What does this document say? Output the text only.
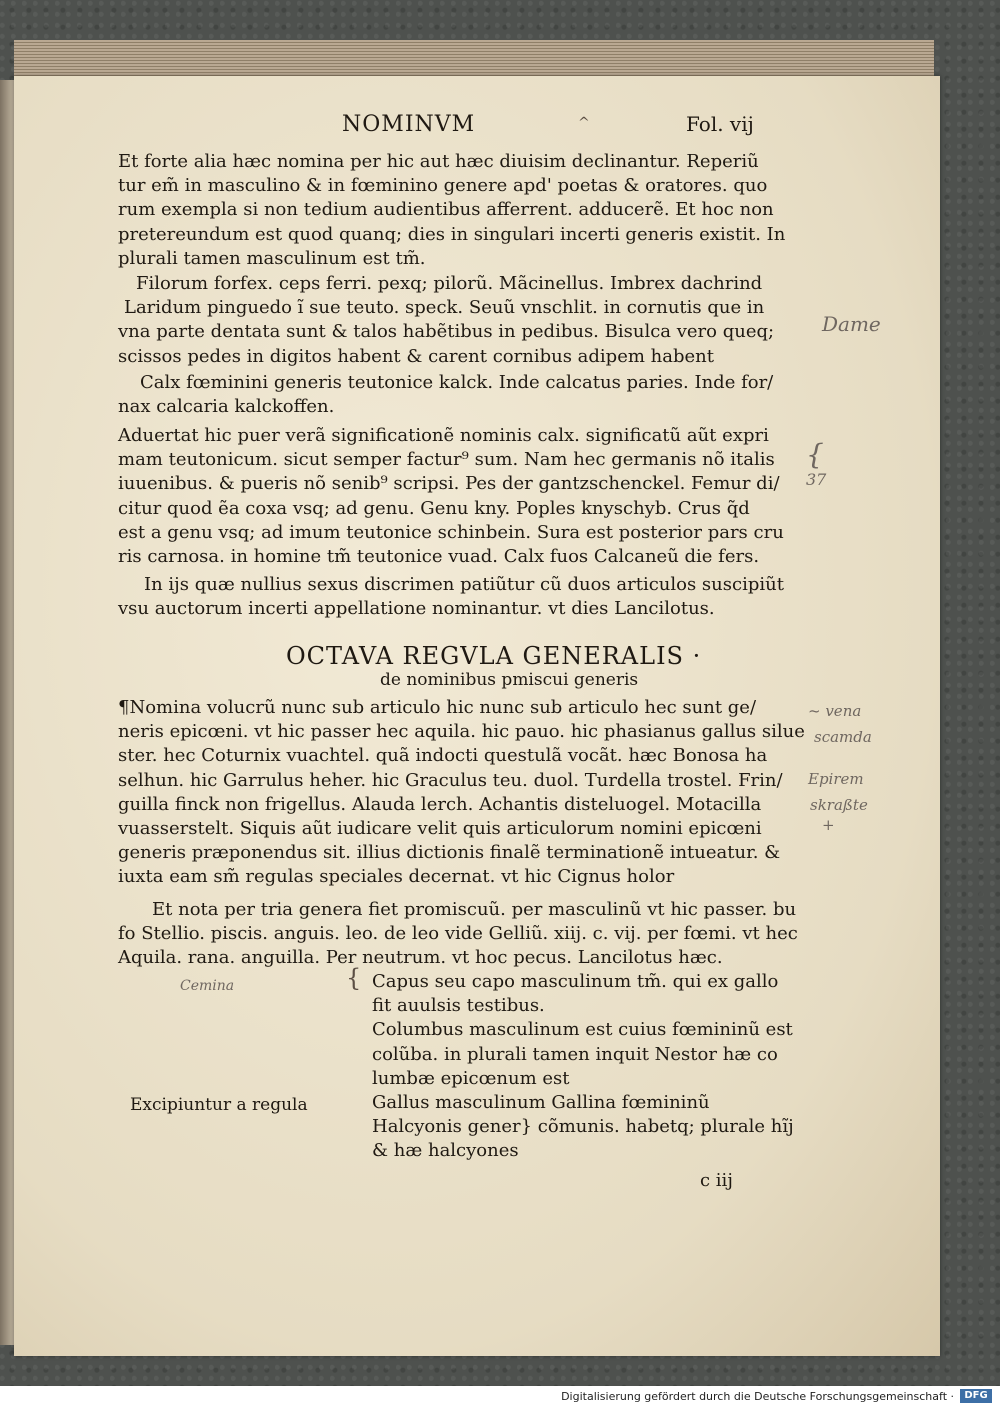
NOMINVM	^	Fol. vij

Et forte alia hæc nomina per hic aut hæc diuisim declinantur. Reperiũ

tur em̃ in masculino & in fœminino genere apd' poetas & oratores. quo

rum exempla si non tedium audientibus afferrent. adducerẽ. Et hoc non

pretereundum est quod quanq; dies in singulari incerti generis existit. In

plurali tamen masculinum est tm̃.

Filorum forfex. ceps ferri. pexq; pilorũ. Mãcinellus. Imbrex dachrind

Laridum pinguedo ĩ sue teuto. speck. Seuũ vnschlit. in cornutis que in

vna parte dentata sunt & talos habẽtibus in pedibus. Bisulca vero queq;

scissos pedes in digitos habent & carent cornibus adipem habent

Calx fœminini generis teutonice kalck. Inde calcatus paries. Inde for/

nax calcaria kalckoffen.

Aduertat hic puer verã significationẽ nominis calx. significatũ aũt expri

mam teutonicum. sicut semper factur⁹ sum. Nam hec germanis nõ italis

iuuenibus. & pueris nõ senib⁹ scripsi. Pes der gantzschenckel. Femur di/

citur quod ẽa coxa vsq; ad genu. Genu kny. Poples knyschyb. Crus q̃d

est a genu vsq; ad imum teutonice schinbein. Sura est posterior pars cru

ris carnosa. in homine tm̃ teutonice vuad. Calx fuos Calcaneũ die fers.

In ijs quæ nullius sexus discrimen patiũtur cũ duos articulos suscipiũt

vsu auctorum incerti appellatione nominantur. vt dies Lancilotus.

OCTAVA REGVLA GENERALIS ·
de nominibus pmiscui generis

¶Nomina volucrũ nunc sub articulo hic nunc sub articulo hec sunt ge/

neris epicœni. vt hic passer hec aquila. hic pauo. hic phasianus gallus silue

ster. hec Coturnix vuachtel. quã indocti questulã vocãt. hæc Bonosa ha

selhun. hic Garrulus heher. hic Graculus teu. duol. Turdella trostel. Frin/

guilla finck non frigellus. Alauda lerch. Achantis disteluogel. Motacilla

vuasserstelt. Siquis aũt iudicare velit quis articulorum nomini epicœni

generis præponendus sit. illius dictionis finalẽ terminationẽ intueatur. &

iuxta eam sm̃ regulas speciales decernat. vt hic Cignus holor

Et nota per tria genera fiet promiscuũ. per masculinũ vt hic passer. bu

fo Stellio. piscis. anguis. leo. de leo vide Gelliũ. xiij. c. vij. per fœmi. vt hec

Aquila. rana. anguilla. Per neutrum. vt hoc pecus. Lancilotus hæc.

Excipiuntur a regula
{ Capus seu capo masculinum tm̃. qui ex gallo

fit auulsis testibus.

Columbus masculinum est cuius fœmininũ est

colũba. in plurali tamen inquit Nestor hæ co

lumbæ epicœnum est

Gallus masculinum Gallina fœmininũ

Halcyonis gener} cõmunis. habetq; plurale hĩj

& hæ halcyones

c iij
Dame
{
37
~ vena
scamda
Epirem
skraßte
+
Cemina
Digitalisierung gefördert durch die Deutsche Forschungsgemeinschaft ·	DFG
